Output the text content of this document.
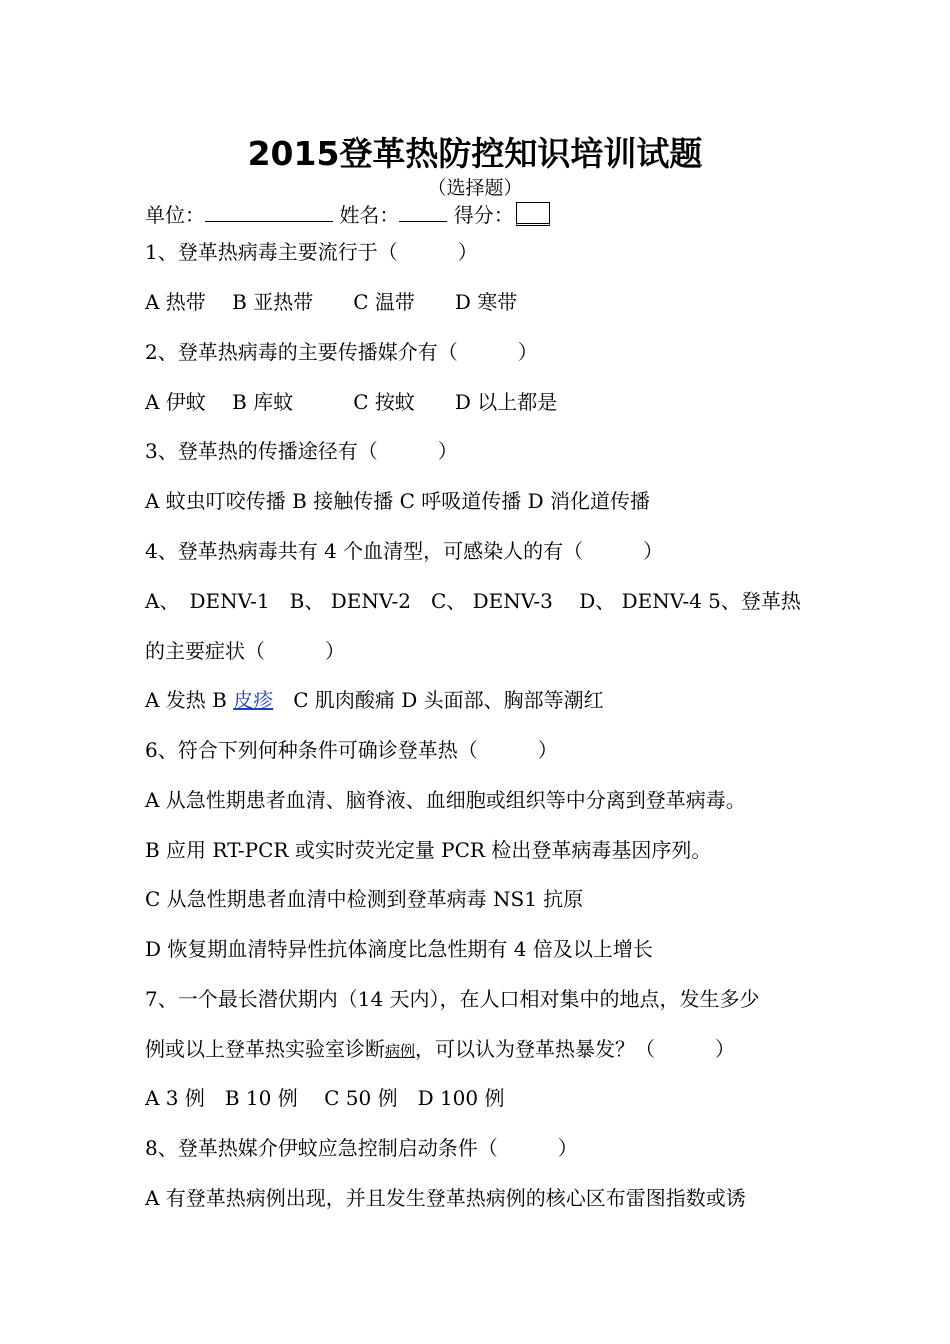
2015登革热防控知识培训试题
（选择题）
单位：	姓名：	得分：
1、登革热病毒主要流行于（　　　）
A 热带　 B 亚热带　　C 温带　　D 寒带
2、登革热病毒的主要传播媒介有（　　　）
A 伊蚊　 B 库蚊　　　C 按蚊　　D 以上都是
3、登革热的传播途径有（　　　）
A 蚊虫叮咬传播 B 接触传播 C 呼吸道传播 D 消化道传播
4、登革热病毒共有 4 个血清型，可感染人的有（　　　）
A、　DENV-1　B、 DENV-2　C、 DENV-3　 D、 DENV-4 5、登革热
的主要症状（　　　）
A 发热 B 皮疹　C 肌肉酸痛 D 头面部、胸部等潮红
6、符合下列何种条件可确诊登革热（　　　）
A 从急性期患者血清、脑脊液、血细胞或组织等中分离到登革病毒。
B 应用 RT-PCR 或实时荧光定量 PCR 检出登革病毒基因序列。
C 从急性期患者血清中检测到登革病毒 NS1 抗原
D 恢复期血清特异性抗体滴度比急性期有 4 倍及以上增长
7、一个最长潜伏期内（14 天内），在人口相对集中的地点，发生多少
例或以上登革热实验室诊断病例，可以认为登革热暴发？（　　　）
A 3 例　B 10 例　 C 50 例　D 100 例
8、登革热媒介伊蚊应急控制启动条件（　　　）
A 有登革热病例出现，并且发生登革热病例的核心区布雷图指数或诱
